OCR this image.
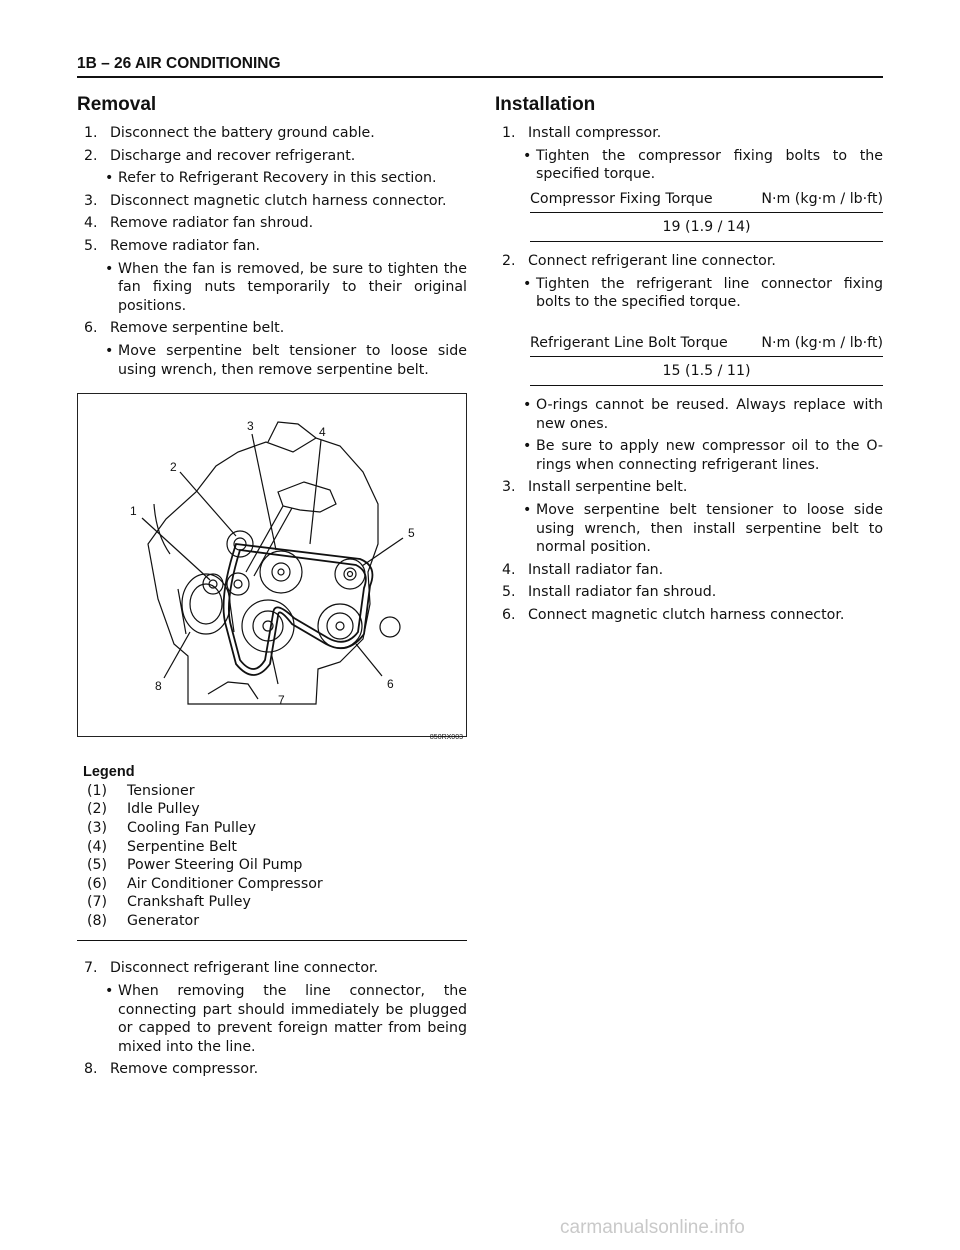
1B – 26 AIR CONDITIONING
Removal
1. Disconnect the battery ground cable.
2. Discharge and recover refrigerant.
• Refer to Refrigerant Recovery in this section.
3. Disconnect magnetic clutch harness connector.
4. Remove radiator fan shroud.
5. Remove radiator fan.
• When the fan is removed, be sure to tighten the fan fixing nuts temporarily to their original positions.
6. Remove serpentine belt.
• Move serpentine belt tensioner to loose side using wrench, then remove serpentine belt.
1
2
3	4
5
6
7
8
850RX003
Legend
(1)	Tensioner
(2)	Idle Pulley
(3)	Cooling Fan Pulley
(4)	Serpentine Belt
(5)	Power Steering Oil Pump
(6)	Air Conditioner Compressor
(7)	Crankshaft Pulley
(8)	Generator
7. Disconnect refrigerant line connector.
• When removing the line connector, the connecting part should immediately be plugged or capped to prevent foreign matter from being mixed into the line.
8. Remove compressor.
Installation
1. Install compressor.
• Tighten the compressor fixing bolts to the specified torque.
Compressor Fixing Torque	N·m (kg·m / lb·ft)
19 (1.9 / 14)
2. Connect refrigerant line connector.
• Tighten the refrigerant line connector fixing bolts to the specified torque.
Refrigerant Line Bolt Torque N·m (kg·m / lb·ft)
15 (1.5 / 11)
• O-rings cannot be reused. Always replace with new ones.
• Be sure to apply new compressor oil to the O-rings when connecting refrigerant lines.
3. Install serpentine belt.
• Move serpentine belt tensioner to loose side using wrench, then install serpentine belt to normal position.
4. Install radiator fan.
5. Install radiator fan shroud.
6. Connect magnetic clutch harness connector.
carmanualsonline.info
